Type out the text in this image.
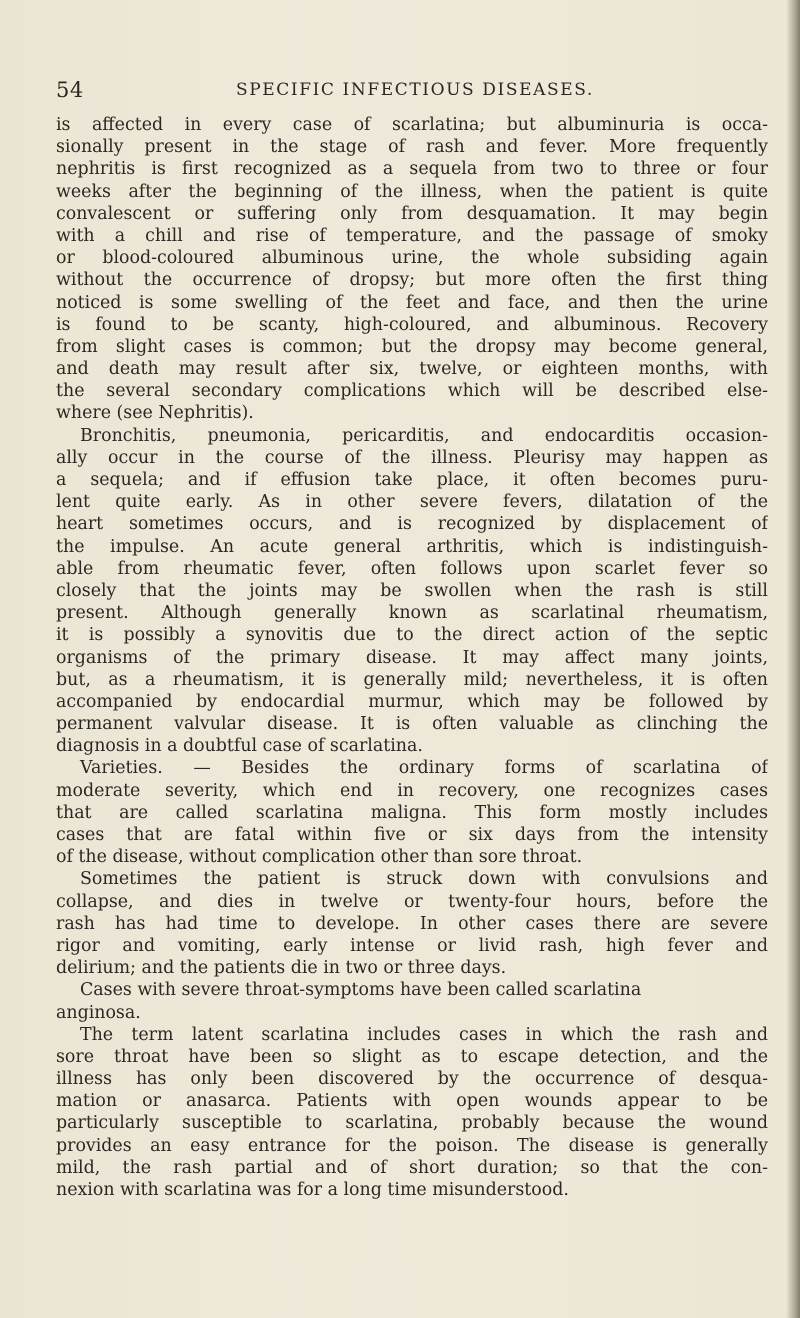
54	SPECIFIC INFECTIOUS DISEASES.
is affected in every case of scarlatina; but albuminuria is occa-
sionally present in the stage of rash and fever. More frequently
nephritis is first recognized as a sequela from two to three or four
weeks after the beginning of the illness, when the patient is quite
convalescent or suffering only from desquamation. It may begin
with a chill and rise of temperature, and the passage of smoky
or blood-coloured albuminous urine, the whole subsiding again
without the occurrence of dropsy; but more often the first thing
noticed is some swelling of the feet and face, and then the urine
is found to be scanty, high-coloured, and albuminous. Recovery
from slight cases is common; but the dropsy may become general,
and death may result after six, twelve, or eighteen months, with
the several secondary complications which will be described else-
where (see Nephritis).
Bronchitis, pneumonia, pericarditis, and endocarditis occasion-
ally occur in the course of the illness. Pleurisy may happen as
a sequela; and if effusion take place, it often becomes puru-
lent quite early. As in other severe fevers, dilatation of the
heart sometimes occurs, and is recognized by displacement of
the impulse. An acute general arthritis, which is indistinguish-
able from rheumatic fever, often follows upon scarlet fever so
closely that the joints may be swollen when the rash is still
present. Although generally known as scarlatinal rheumatism,
it is possibly a synovitis due to the direct action of the septic
organisms of the primary disease. It may affect many joints,
but, as a rheumatism, it is generally mild; nevertheless, it is often
accompanied by endocardial murmur, which may be followed by
permanent valvular disease. It is often valuable as clinching the
diagnosis in a doubtful case of scarlatina.
Varieties. — Besides the ordinary forms of scarlatina of
moderate severity, which end in recovery, one recognizes cases
that are called scarlatina maligna. This form mostly includes
cases that are fatal within five or six days from the intensity
of the disease, without complication other than sore throat.
Sometimes the patient is struck down with convulsions and
collapse, and dies in twelve or twenty-four hours, before the
rash has had time to develope. In other cases there are severe
rigor and vomiting, early intense or livid rash, high fever and
delirium; and the patients die in two or three days.
Cases with severe throat-symptoms have been called scarlatina
anginosa.
The term latent scarlatina includes cases in which the rash and
sore throat have been so slight as to escape detection, and the
illness has only been discovered by the occurrence of desqua-
mation or anasarca. Patients with open wounds appear to be
particularly susceptible to scarlatina, probably because the wound
provides an easy entrance for the poison. The disease is generally
mild, the rash partial and of short duration; so that the con-
nexion with scarlatina was for a long time misunderstood.
